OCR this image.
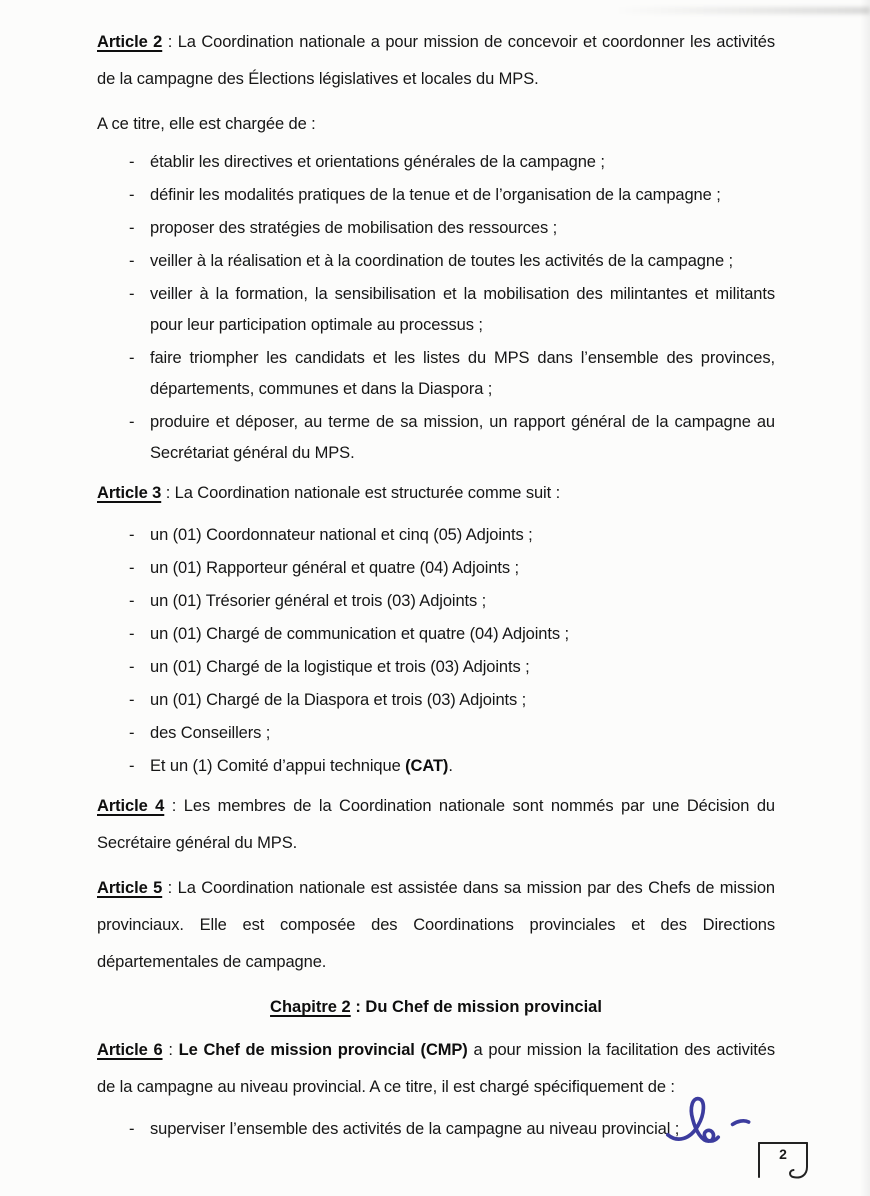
Article 2 : La Coordination nationale a pour mission de concevoir et coordonner les activités de la campagne des Élections législatives et locales du MPS.

A ce titre, elle est chargée de :

- établir les directives et orientations générales de la campagne ;
- définir les modalités pratiques de la tenue et de l’organisation de la campagne ;
- proposer des stratégies de mobilisation des ressources ;
- veiller à la réalisation et à la coordination de toutes les activités de la campagne ;
- veiller à la formation, la sensibilisation et la mobilisation des milintantes et militants pour leur participation optimale au processus ;
- faire triompher les candidats et les listes du MPS dans l’ensemble des provinces, départements, communes et dans la Diaspora ;
- produire et déposer, au terme de sa mission, un rapport général de la campagne au Secrétariat général du MPS.

Article 3 : La Coordination nationale est structurée comme suit :

- un (01) Coordonnateur national et cinq (05) Adjoints ;
- un (01) Rapporteur général et quatre (04) Adjoints ;
- un (01) Trésorier général et trois (03) Adjoints ;
- un (01) Chargé de communication et quatre (04) Adjoints ;
- un (01) Chargé de la logistique et trois (03) Adjoints ;
- un (01) Chargé de la Diaspora et trois (03) Adjoints ;
- des Conseillers ;
- Et un (1) Comité d’appui technique (CAT).

Article 4 : Les membres de la Coordination nationale sont nommés par une Décision du Secrétaire général du MPS.

Article 5 : La Coordination nationale est assistée dans sa mission par des Chefs de mission provinciaux. Elle est composée des Coordinations provinciales et des Directions départementales de campagne.

Chapitre 2 : Du Chef de mission provincial

Article 6 : Le Chef de mission provincial (CMP) a pour mission la facilitation des activités de la campagne au niveau provincial. A ce titre, il est chargé spécifiquement de :

- superviser l’ensemble des activités de la campagne au niveau provincial ;
2
